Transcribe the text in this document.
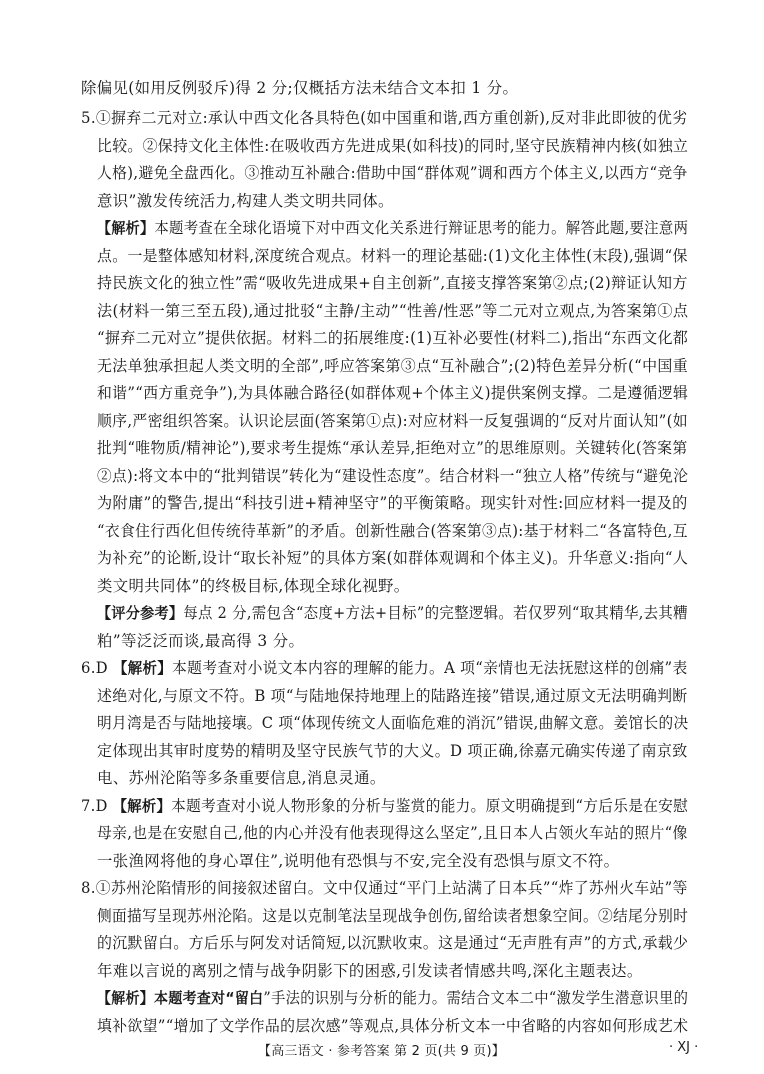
除偏见(如用反例驳斥)得 2 分;仅概括方法未结合文本扣 1 分。
5.①摒弃二元对立:承认中西文化各具特色(如中国重和谐,西方重创新),反对非此即彼的优劣
比较。②保持文化主体性:在吸收西方先进成果(如科技)的同时,坚守民族精神内核(如独立
人格),避免全盘西化。③推动互补融合:借助中国“群体观”调和西方个体主义,以西方“竞争
意识”激发传统活力,构建人类文明共同体。
【解析】本题考查在全球化语境下对中西文化关系进行辩证思考的能力。解答此题,要注意两
点。一是整体感知材料,深度统合观点。材料一的理论基础:(1)文化主体性(末段),强调“保
持民族文化的独立性”需“吸收先进成果+自主创新”,直接支撑答案第②点;(2)辩证认知方
法(材料一第三至五段),通过批驳“主静/主动”“性善/性恶”等二元对立观点,为答案第①点
“摒弃二元对立”提供依据。材料二的拓展维度:(1)互补必要性(材料二),指出“东西文化都
无法单独承担起人类文明的全部”,呼应答案第③点“互补融合”;(2)特色差异分析(“中国重
和谐”“西方重竞争”),为具体融合路径(如群体观+个体主义)提供案例支撑。二是遵循逻辑
顺序,严密组织答案。认识论层面(答案第①点):对应材料一反复强调的“反对片面认知”(如
批判“唯物质/精神论”),要求考生提炼“承认差异,拒绝对立”的思维原则。关键转化(答案第
②点):将文本中的“批判错误”转化为“建设性态度”。结合材料一“独立人格”传统与“避免沦
为附庸”的警告,提出“科技引进+精神坚守”的平衡策略。现实针对性:回应材料一提及的
“衣食住行西化但传统待革新”的矛盾。创新性融合(答案第③点):基于材料二“各富特色,互
为补充”的论断,设计“取长补短”的具体方案(如群体观调和个体主义)。升华意义:指向“人
类文明共同体”的终极目标,体现全球化视野。
【评分参考】每点 2 分,需包含“态度+方法+目标”的完整逻辑。若仅罗列“取其精华,去其糟
粕”等泛泛而谈,最高得 3 分。
6.D 【解析】本题考查对小说文本内容的理解的能力。A 项“亲情也无法抚慰这样的创痛”表
述绝对化,与原文不符。B 项“与陆地保持地理上的陆路连接”错误,通过原文无法明确判断
明月湾是否与陆地接壤。C 项“体现传统文人面临危难的消沉”错误,曲解文意。姜馆长的决
定体现出其审时度势的精明及坚守民族气节的大义。D 项正确,徐嘉元确实传递了南京致
电、苏州沦陷等多条重要信息,消息灵通。
7.D 【解析】本题考查对小说人物形象的分析与鉴赏的能力。原文明确提到“方后乐是在安慰
母亲,也是在安慰自己,他的内心并没有他表现得这么坚定”,且日本人占领火车站的照片“像
一张渔网将他的身心罩住”,说明他有恐惧与不安,完全没有恐惧与原文不符。
8.①苏州沦陷情形的间接叙述留白。文中仅通过“平门上站满了日本兵”“炸了苏州火车站”等
侧面描写呈现苏州沦陷。这是以克制笔法呈现战争创伤,留给读者想象空间。②结尾分别时
的沉默留白。方后乐与阿发对话简短,以沉默收束。这是通过“无声胜有声”的方式,承载少
年难以言说的离别之情与战争阴影下的困惑,引发读者情感共鸣,深化主题表达。
【解析】本题考查对“留白”手法的识别与分析的能力。需结合文本二中“激发学生潜意识里的
填补欲望”“增加了文学作品的层次感”等观点,具体分析文本一中省略的内容如何形成艺术
【高三语文 · 参考答案 第 2 页(共 9 页)】	· XJ ·
